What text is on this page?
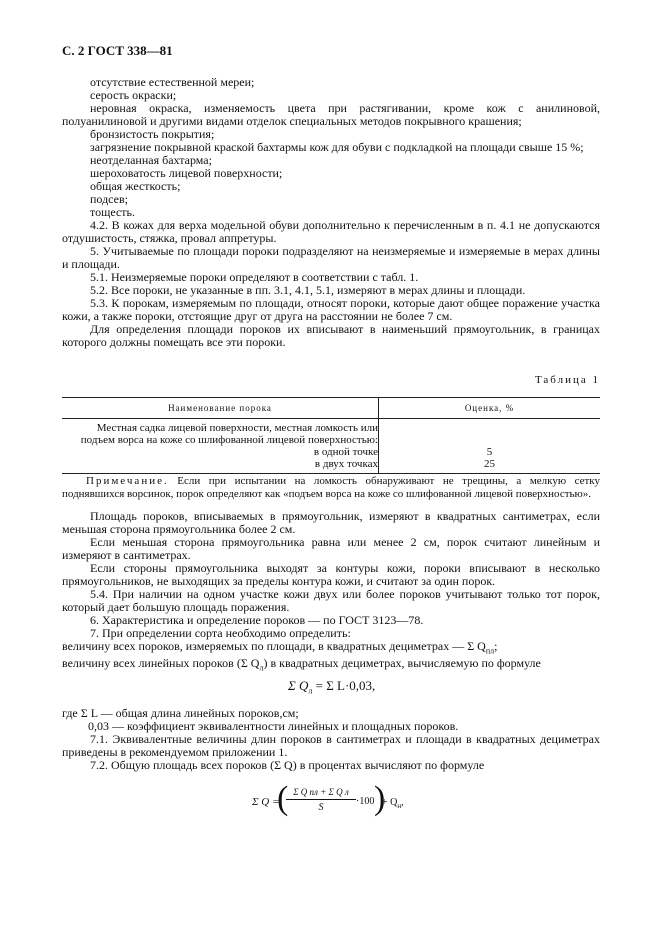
С. 2 ГОСТ 338—81

отсутствие естественной мереи;

серость окраски;

неровная окраска, изменяемость цвета при растягивании, кроме кож с анилиновой, полуанилиновой и другими видами отделок специальных методов покрывного крашения;

бронзистость покрытия;

загрязнение покрывной краской бахтармы кож для обуви с подкладкой на площади свыше 15 %;

неотделанная бахтарма;

шероховатость лицевой поверхности;

общая жесткость;

подсев;

тощесть.

4.2. В кожах для верха модельной обуви дополнительно к перечисленным в п. 4.1 не допускаются отдушистость, стяжка, провал аппретуры.

5. Учитываемые по площади пороки подразделяют на неизмеряемые и измеряемые в мерах длины и площади.

5.1. Неизмеряемые пороки определяют в соответствии с табл. 1.

5.2. Все пороки, не указанные в пп. 3.1, 4.1, 5.1, измеряют в мерах длины и площади.

5.3. К порокам, измеряемым по площади, относят пороки, которые дают общее поражение участка кожи, а также пороки, отстоящие друг от друга на расстоянии не более 7 см.

Для определения площади пороков их вписывают в наименьший прямоугольник, в границах которого должны помещать все эти пороки.

Таблица 1
Наименование порока	Оценка, %
Местная садка лицевой поверхности, местная ломкость или подъем ворса на коже со шлифованной лицевой поверхностью:	
в одной точке	5
в двух точках	25
Примечание. Если при испытании на ломкость обнаруживают не трещины, а мелкую сетку поднявшихся ворсинок, порок определяют как «подъем ворса на коже со шлифованной лицевой поверхностью».

Площадь пороков, вписываемых в прямоугольник, измеряют в квадратных сантиметрах, если меньшая сторона прямоугольника более 2 см.

Если меньшая сторона прямоугольника равна или менее 2 см, порок считают линейным и измеряют в сантиметрах.

Если стороны прямоугольника выходят за контуры кожи, пороки вписывают в несколько прямоугольников, не выходящих за пределы контура кожи, и считают за один порок.

5.4. При наличии на одном участке кожи двух или более пороков учитывают только тот порок, который дает большую площадь поражения.

6. Характеристика и определение пороков — по ГОСТ 3123—78.

7. При определении сорта необходимо определить:

величину всех пороков, измеряемых по площади, в квадратных дециметрах — Σ $Q_{пл}$;

величину всех линейных пороков (Σ $Q_л$) в квадратных дециметрах, вычисляемую по формуле

Σ $Q_л = \Sigma$ L·0,03,

где Σ L — общая длина линейных пороков,см;

0,03 — коэффициент эквивалентности линейных и площадных пороков.

7.1. Эквивалентные величины длин пороков в сантиметрах и площади в квадратных дециметрах приведены в рекомендуемом приложении 1.

7.2. Общую площадь всех пороков (Σ Q) в процентах вычисляют по формуле

Σ Q =
( Σ Q пл + Σ Q л
S
·100 )
+ $Q_н$,
